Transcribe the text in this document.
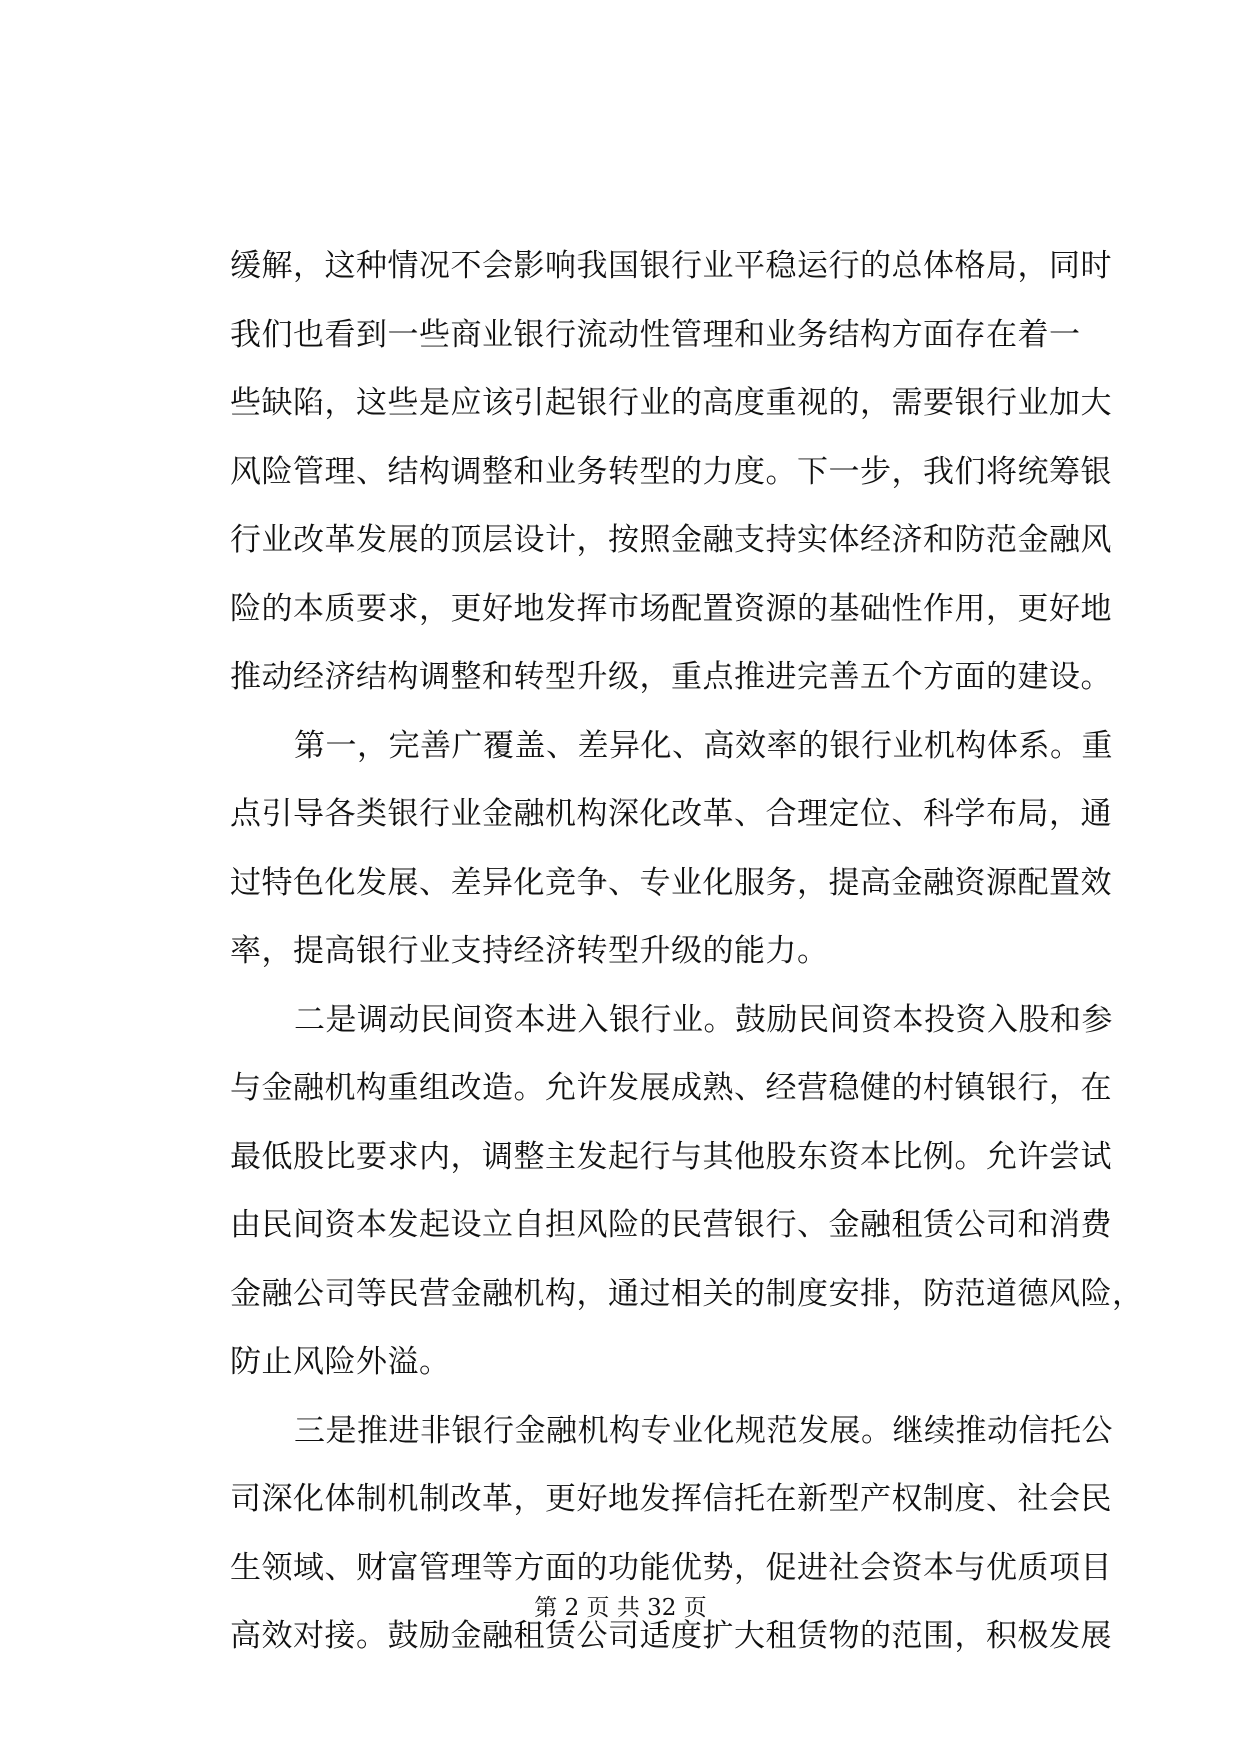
缓解，这种情况不会影响我国银行业平稳运行的总体格局，同时
我们也看到一些商业银行流动性管理和业务结构方面存在着一
些缺陷，这些是应该引起银行业的高度重视的，需要银行业加大
风险管理、结构调整和业务转型的力度。下一步，我们将统筹银
行业改革发展的顶层设计，按照金融支持实体经济和防范金融风
险的本质要求，更好地发挥市场配置资源的基础性作用，更好地
推动经济结构调整和转型升级，重点推进完善五个方面的建设。
第一，完善广覆盖、差异化、高效率的银行业机构体系。重
点引导各类银行业金融机构深化改革、合理定位、科学布局，通
过特色化发展、差异化竞争、专业化服务，提高金融资源配置效
率，提高银行业支持经济转型升级的能力。
二是调动民间资本进入银行业。鼓励民间资本投资入股和参
与金融机构重组改造。允许发展成熟、经营稳健的村镇银行，在
最低股比要求内，调整主发起行与其他股东资本比例。允许尝试
由民间资本发起设立自担风险的民营银行、金融租赁公司和消费
金融公司等民营金融机构，通过相关的制度安排，防范道德风险，
防止风险外溢。
三是推进非银行金融机构专业化规范发展。继续推动信托公
司深化体制机制改革，更好地发挥信托在新型产权制度、社会民
生领域、财富管理等方面的功能优势，促进社会资本与优质项目
高效对接。鼓励金融租赁公司适度扩大租赁物的范围，积极发展
第 2 页 共 32 页
